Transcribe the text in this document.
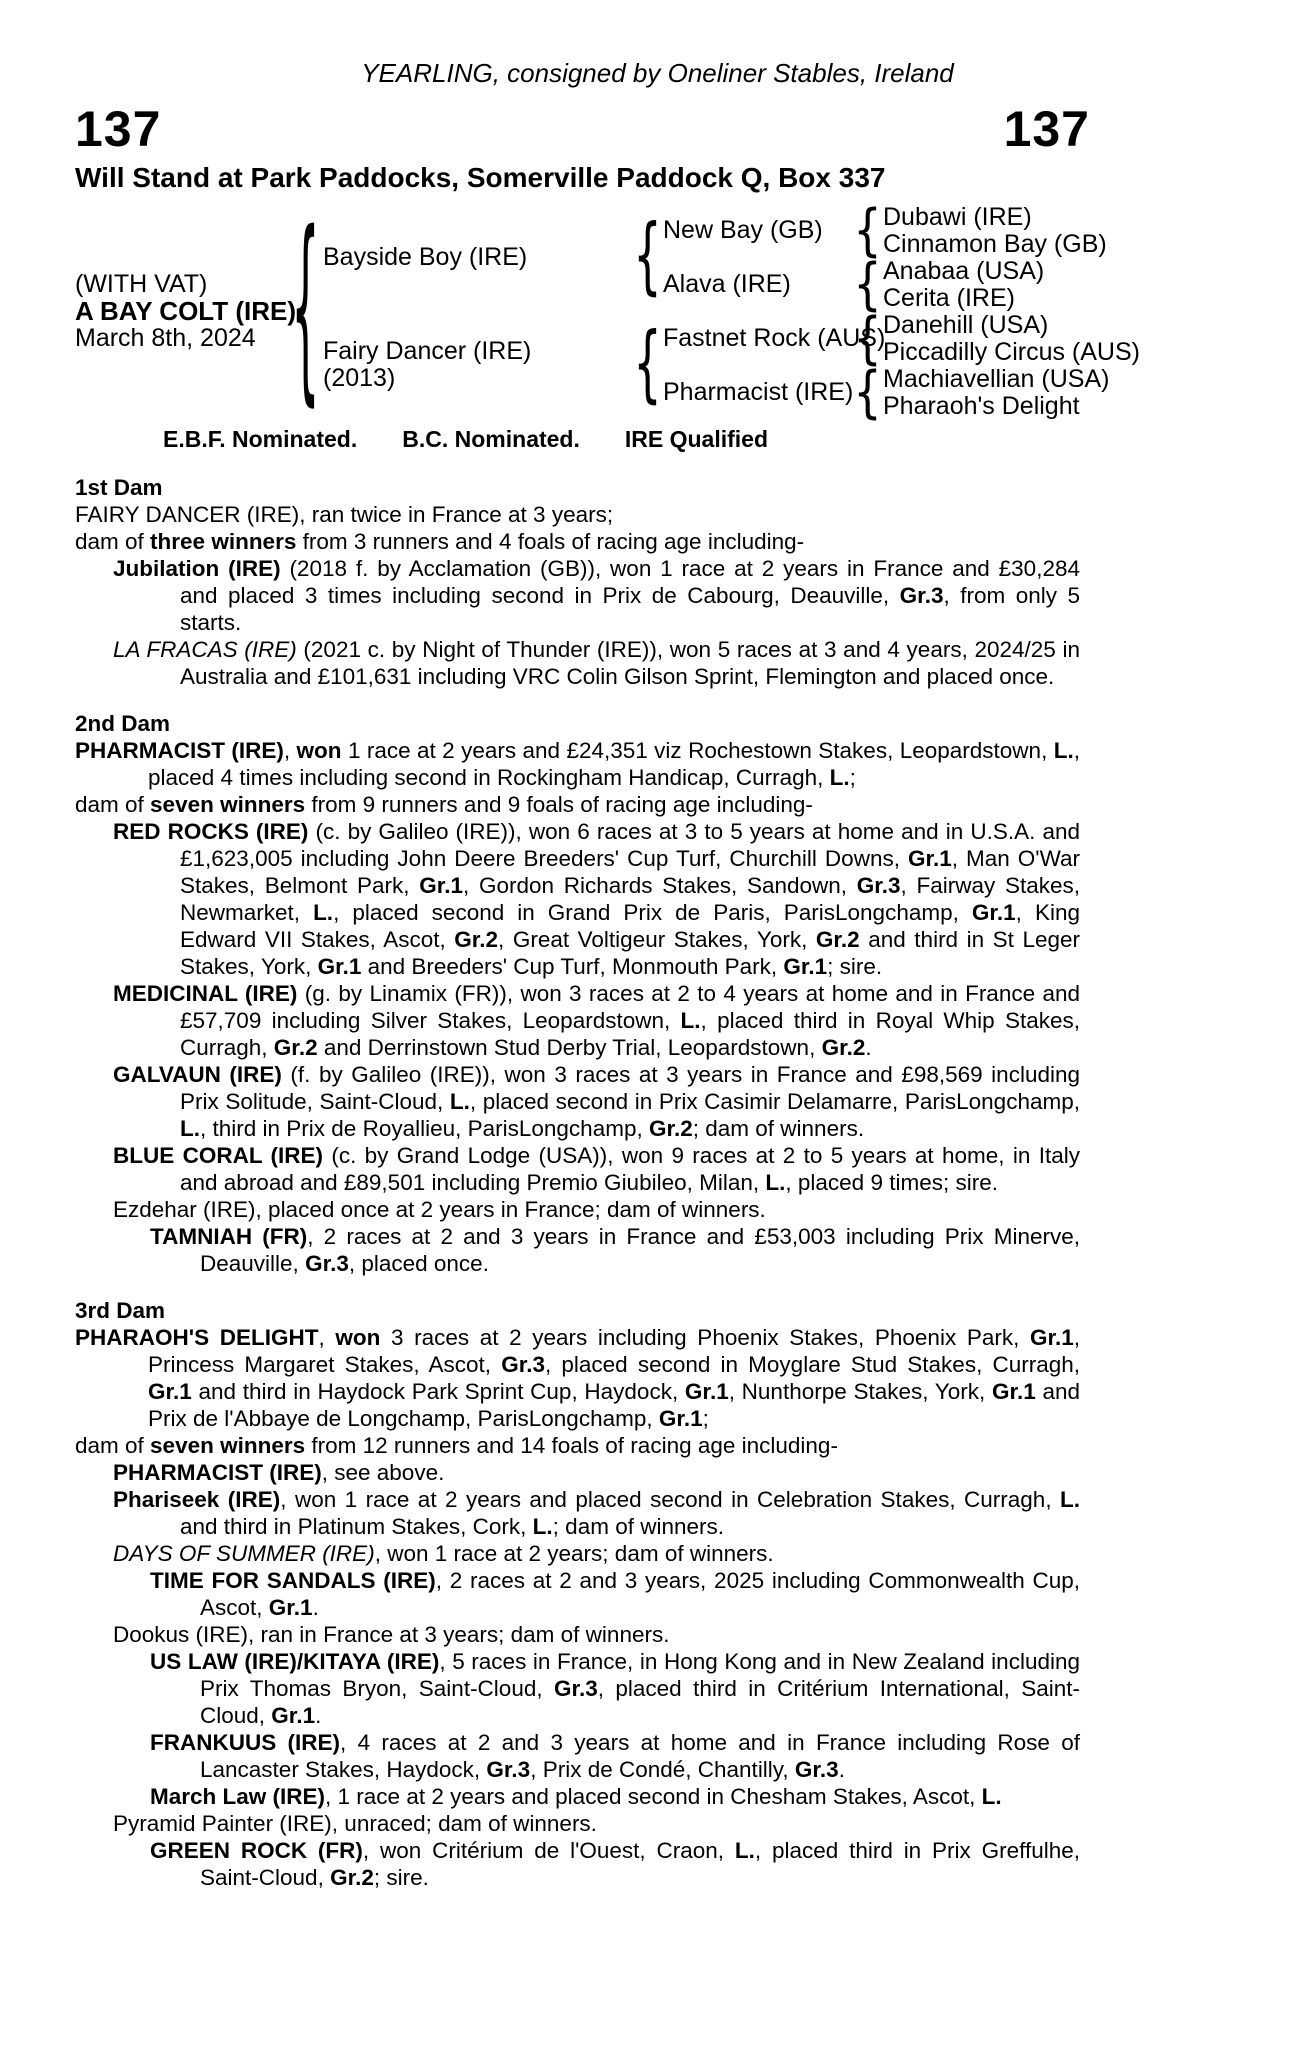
YEARLING, consigned by Oneliner Stables, Ireland
137	137
Will Stand at Park Paddocks, Somerville Paddock Q, Box 337
(WITH VAT)
A BAY COLT (IRE)
March 8th, 2024
{
{
{
{
{
{
{
Bayside Boy (IRE)
Fairy Dancer (IRE)
(2013)
New Bay (GB)
Alava (IRE)
Fastnet Rock (AUS)
Pharmacist (IRE)
Dubawi (IRE)
Cinnamon Bay (GB)
Anabaa (USA)
Cerita (IRE)
Danehill (USA)
Piccadilly Circus (AUS)
Machiavellian (USA)
Pharaoh's Delight
E.B.F. Nominated. B.C. Nominated. IRE Qualified
1st Dam

FAIRY DANCER (IRE), ran twice in France at 3 years;

dam of three winners from 3 runners and 4 foals of racing age including-

Jubilation (IRE) (2018 f. by Acclamation (GB)), won 1 race at 2 years in France and £30,284 and placed 3 times including second in Prix de Cabourg, Deauville, Gr.3, from only 5 starts.

LA FRACAS (IRE) (2021 c. by Night of Thunder (IRE)), won 5 races at 3 and 4 years, 2024/25 in Australia and £101,631 including VRC Colin Gilson Sprint, Flemington and placed once.

2nd Dam

PHARMACIST (IRE), won 1 race at 2 years and £24,351 viz Rochestown Stakes, Leopardstown, L., placed 4 times including second in Rockingham Handicap, Curragh, L.;

dam of seven winners from 9 runners and 9 foals of racing age including-

RED ROCKS (IRE) (c. by Galileo (IRE)), won 6 races at 3 to 5 years at home and in U.S.A. and £1,623,005 including John Deere Breeders' Cup Turf, Churchill Downs, Gr.1, Man O'War Stakes, Belmont Park, Gr.1, Gordon Richards Stakes, Sandown, Gr.3, Fairway Stakes, Newmarket, L., placed second in Grand Prix de Paris, ParisLongchamp, Gr.1, King Edward VII Stakes, Ascot, Gr.2, Great Voltigeur Stakes, York, Gr.2 and third in St Leger Stakes, York, Gr.1 and Breeders' Cup Turf, Monmouth Park, Gr.1; sire.

MEDICINAL (IRE) (g. by Linamix (FR)), won 3 races at 2 to 4 years at home and in France and £57,709 including Silver Stakes, Leopardstown, L., placed third in Royal Whip Stakes, Curragh, Gr.2 and Derrinstown Stud Derby Trial, Leopardstown, Gr.2.

GALVAUN (IRE) (f. by Galileo (IRE)), won 3 races at 3 years in France and £98,569 including Prix Solitude, Saint-Cloud, L., placed second in Prix Casimir Delamarre, ParisLongchamp, L., third in Prix de Royallieu, ParisLongchamp, Gr.2; dam of winners.

BLUE CORAL (IRE) (c. by Grand Lodge (USA)), won 9 races at 2 to 5 years at home, in Italy and abroad and £89,501 including Premio Giubileo, Milan, L., placed 9 times; sire.

Ezdehar (IRE), placed once at 2 years in France; dam of winners.

TAMNIAH (FR), 2 races at 2 and 3 years in France and £53,003 including Prix Minerve, Deauville, Gr.3, placed once.

3rd Dam

PHARAOH'S DELIGHT, won 3 races at 2 years including Phoenix Stakes, Phoenix Park, Gr.1, Princess Margaret Stakes, Ascot, Gr.3, placed second in Moyglare Stud Stakes, Curragh, Gr.1 and third in Haydock Park Sprint Cup, Haydock, Gr.1, Nunthorpe Stakes, York, Gr.1 and Prix de l'Abbaye de Longchamp, ParisLongchamp, Gr.1;

dam of seven winners from 12 runners and 14 foals of racing age including-

PHARMACIST (IRE), see above.

Phariseek (IRE), won 1 race at 2 years and placed second in Celebration Stakes, Curragh, L. and third in Platinum Stakes, Cork, L.; dam of winners.

DAYS OF SUMMER (IRE), won 1 race at 2 years; dam of winners.

TIME FOR SANDALS (IRE), 2 races at 2 and 3 years, 2025 including Commonwealth Cup, Ascot, Gr.1.

Dookus (IRE), ran in France at 3 years; dam of winners.

US LAW (IRE)/KITAYA (IRE), 5 races in France, in Hong Kong and in New Zealand including Prix Thomas Bryon, Saint-Cloud, Gr.3, placed third in Critérium International, Saint-Cloud, Gr.1.

FRANKUUS (IRE), 4 races at 2 and 3 years at home and in France including Rose of Lancaster Stakes, Haydock, Gr.3, Prix de Condé, Chantilly, Gr.3.

March Law (IRE), 1 race at 2 years and placed second in Chesham Stakes, Ascot, L.

Pyramid Painter (IRE), unraced; dam of winners.

GREEN ROCK (FR), won Critérium de l'Ouest, Craon, L., placed third in Prix Greffulhe, Saint-Cloud, Gr.2; sire.
